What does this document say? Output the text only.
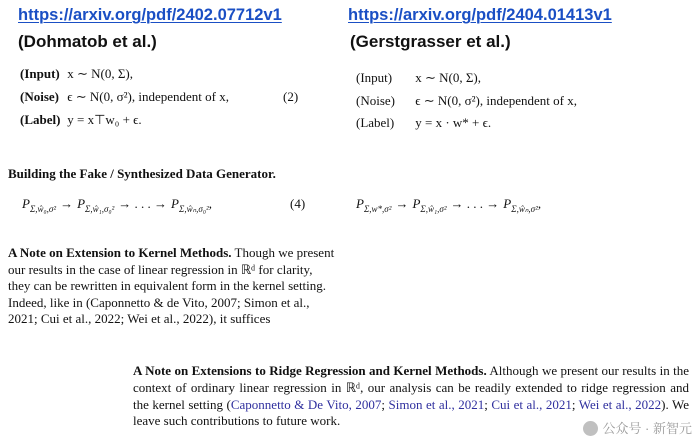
https://arxiv.org/pdf/2402.07712v1	https://arxiv.org/pdf/2404.01413v1
(Dohmatob et al.)	(Gerstgrasser et al.)
(Input) x ∼ N(0, Σ),
(Noise) ϵ ∼ N(0, σ²), independent of x,
(Label) y = x⊤w₀ + ϵ.
(2)
(Input) x ∼ N(0, Σ),
(Noise) ϵ ∼ N(0, σ²), independent of x,
(Label) y = x · w* + ϵ.
Building the Fake / Synthesized Data Generator.
$P_{\Sigma,ŵ_0,\sigma^2} \to P_{\Sigma,ŵ_1,\sigma_0^2}$ → . . . → $P_{\Sigma,ŵ_n,\sigma_0^2}$,	(4)	$P_{\Sigma,w*,\sigma^2} \to P_{\Sigma,ŵ_1,\sigma^2}$ → . . . → $P_{\Sigma,ŵ_n,\sigma^2}$,
A Note on Extension to Kernel Methods. Though we present our results in the case of linear regression in ℝᵈ for clarity, they can be rewritten in equivalent form in the kernel setting. Indeed, like in (Caponnetto & de Vito, 2007; Simon et al., 2021; Cui et al., 2022; Wei et al., 2022), it suffices
A Note on Extensions to Ridge Regression and Kernel Methods. Although we present our results in the context of ordinary linear regression in ℝᵈ, our analysis can be readily extended to ridge regression and the kernel setting (Caponnetto & De Vito, 2007; Simon et al., 2021; Cui et al., 2021; Wei et al., 2022). We leave such contributions to future work.
公众号 · 新智元
